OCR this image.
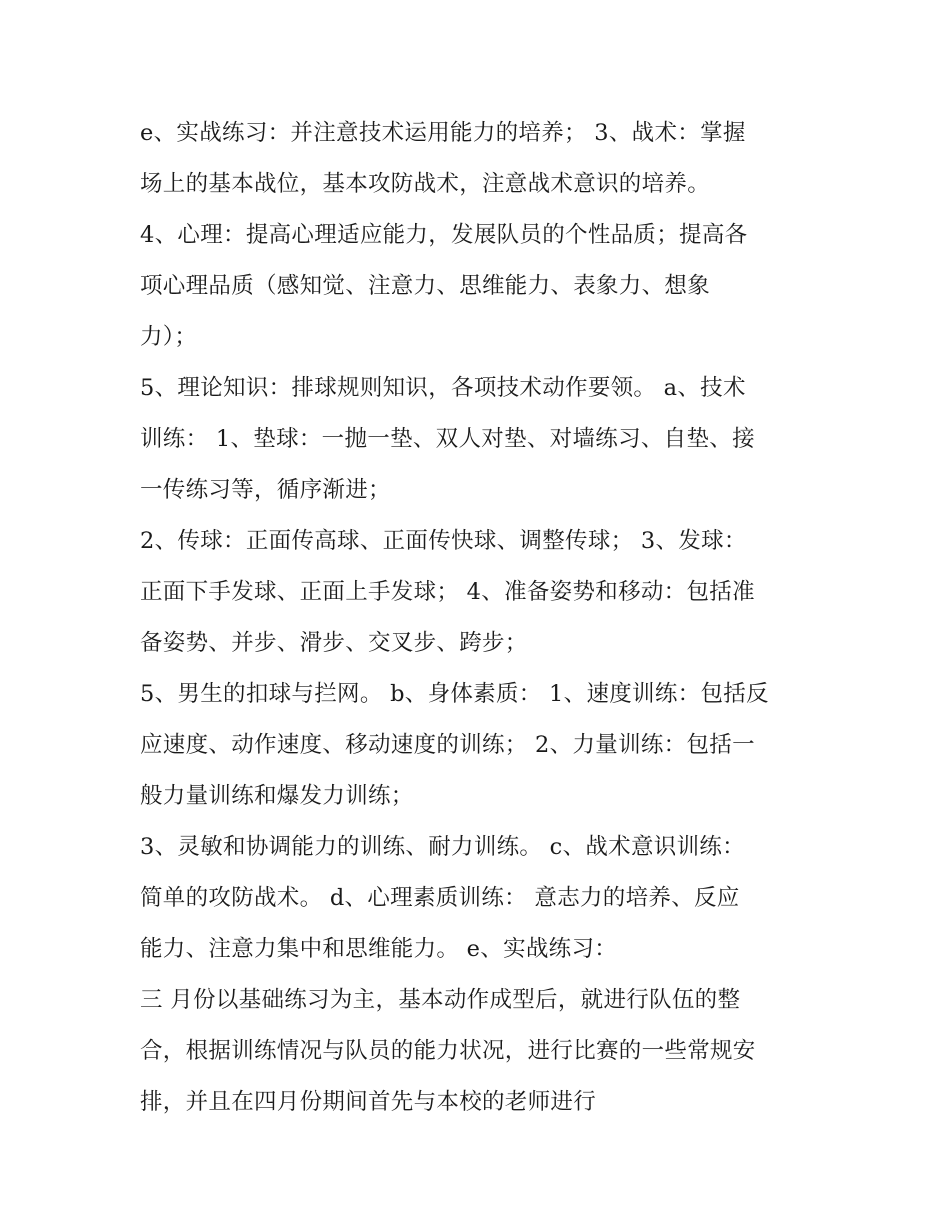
e、实战练习：并注意技术运用能力的培养； 3、战术：掌握
场上的基本战位，基本攻防战术，注意战术意识的培养。
4、心理：提高心理适应能力，发展队员的个性品质；提高各
项心理品质（感知觉、注意力、思维能力、表象力、想象
力）；
5、理论知识：排球规则知识，各项技术动作要领。 a、技术
训练： 1、垫球：一抛一垫、双人对垫、对墙练习、自垫、接
一传练习等，循序渐进；
2、传球：正面传高球、正面传快球、调整传球； 3、发球：
正面下手发球、正面上手发球； 4、准备姿势和移动：包括准
备姿势、并步、滑步、交叉步、跨步；
5、男生的扣球与拦网。 b、身体素质： 1、速度训练：包括反
应速度、动作速度、移动速度的训练； 2、力量训练：包括一
般力量训练和爆发力训练；
3、灵敏和协调能力的训练、耐力训练。 c、战术意识训练：
简单的攻防战术。 d、心理素质训练： 意志力的培养、反应
能力、注意力集中和思维能力。 e、实战练习：
三 月份以基础练习为主，基本动作成型后，就进行队伍的整
合，根据训练情况与队员的能力状况，进行比赛的一些常规安
排，并且在四月份期间首先与本校的老师进行
